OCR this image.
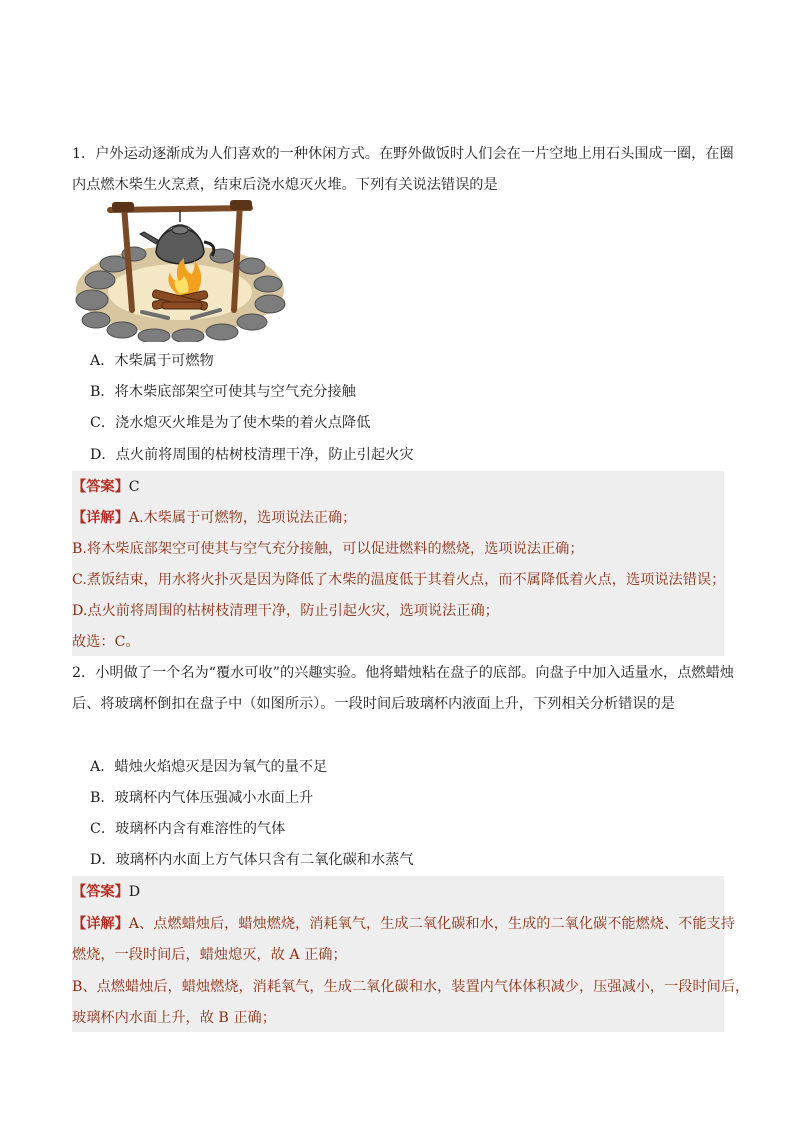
1．户外运动逐渐成为人们喜欢的一种休闲方式。在野外做饭时人们会在一片空地上用石头围成一圈，在圈
内点燃木柴生火烹煮，结束后浇水熄灭火堆。下列有关说法错误的是
A．木柴属于可燃物
B．将木柴底部架空可使其与空气充分接触
C．浇水熄灭火堆是为了使木柴的着火点降低
D．点火前将周围的枯树枝清理干净，防止引起火灾
【答案】C
【详解】A.木柴属于可燃物，选项说法正确；
B.将木柴底部架空可使其与空气充分接触，可以促进燃料的燃烧，选项说法正确；
C.煮饭结束，用水将火扑灭是因为降低了木柴的温度低于其着火点，而不属降低着火点，选项说法错误；
D.点火前将周围的枯树枝清理干净，防止引起火灾，选项说法正确；
故选：C。
2．小明做了一个名为“覆水可收”的兴趣实验。他将蜡烛粘在盘子的底部。向盘子中加入适量水，点燃蜡烛
后、将玻璃杯倒扣在盘子中（如图所示）。一段时间后玻璃杯内液面上升，下列相关分析错误的是
A．蜡烛火焰熄灭是因为氧气的量不足
B．玻璃杯内气体压强减小水面上升
C．玻璃杯内含有难溶性的气体
D．玻璃杯内水面上方气体只含有二氧化碳和水蒸气
【答案】D
【详解】A、点燃蜡烛后，蜡烛燃烧，消耗氧气，生成二氧化碳和水，生成的二氧化碳不能燃烧、不能支持
燃烧，一段时间后，蜡烛熄灭，故 A 正确；
B、点燃蜡烛后，蜡烛燃烧，消耗氧气，生成二氧化碳和水，装置内气体体积减少，压强减小，一段时间后，
玻璃杯内水面上升，故 B 正确；
